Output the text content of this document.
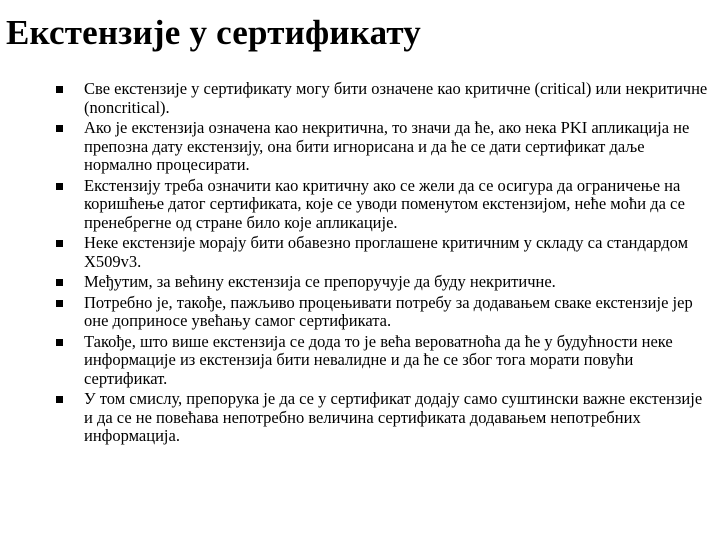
Екстензије у сертификату
Све екстензије у сертификату могу бити означене као критичне (critical) или некритичне (noncritical).
Ако је екстензија означена као некритична, то значи да ће, ако нека PKI апликација не препозна дату екстензију, она бити игнорисана и да ће се дати сертификат даље нормално процесирати.
Екстензију треба означити као критичну ако се жели да се осигура да ограничење на коришћење датог сертификата, које се уводи поменутом екстензијом, неће моћи да се пренебрегне од стране било које апликације.
Неке екстензије морају бити обавезно проглашене критичним у складу са стандардом X509v3.
Међутим, за већину екстензија се препоручује да буду некритичне.
Потребно је, такође, пажљиво процењивати потребу за додавањем сваке екстензије јер оне доприносе увећању самог сертификата.
Такође, што више екстензија се дода то је већа вероватноћа да ће у будућности неке информације из екстензија бити невалидне и да ће се због тога морати повући сертификат.
У том смислу, препорука је да се у сертификат додају само суштински важне екстензије и да се не повећава непотребно величина сертификата додавањем непотребних информација.
